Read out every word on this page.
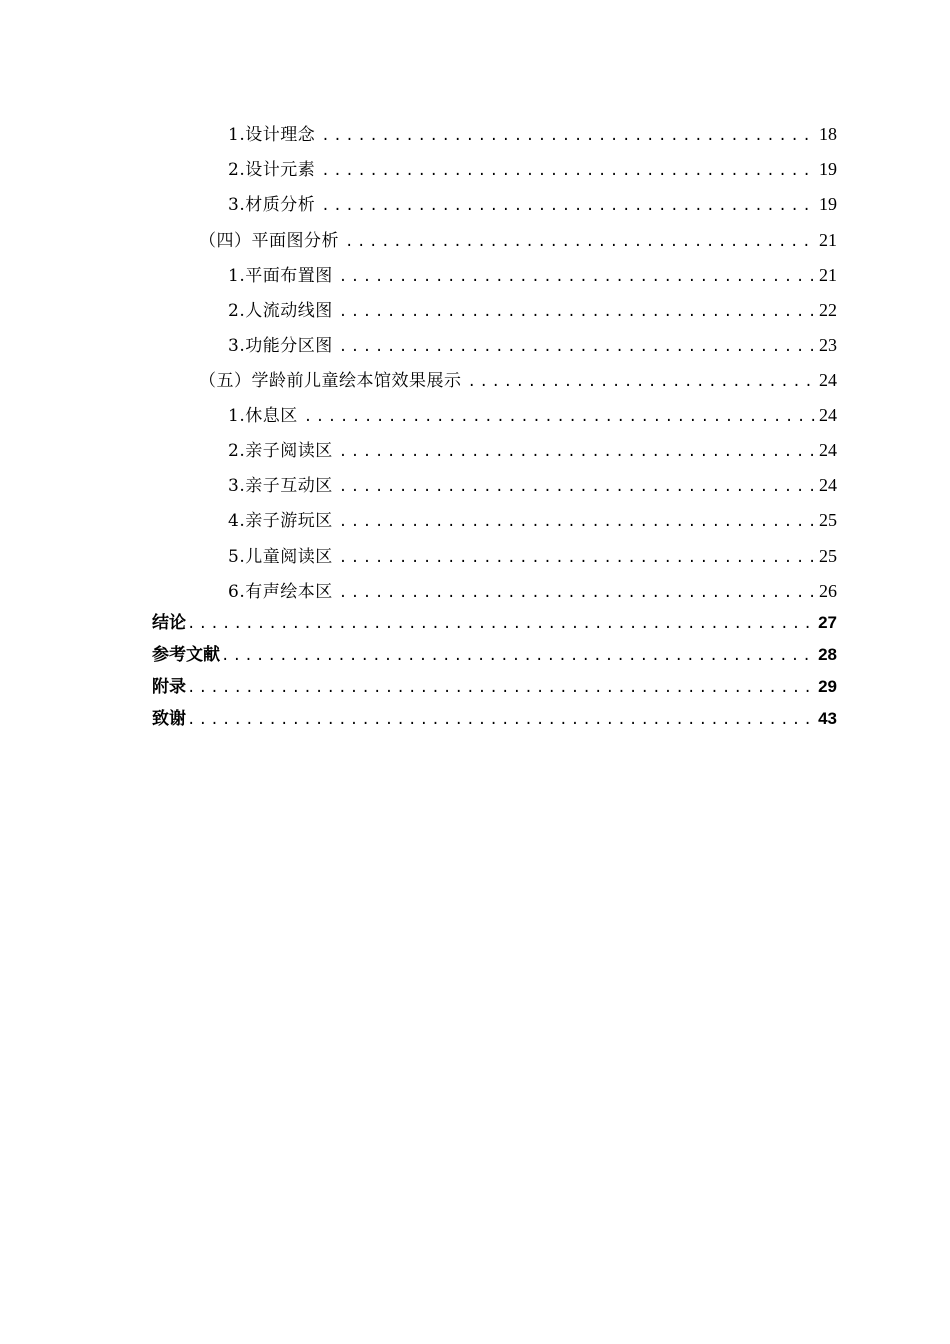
1.设计理念 .....	18
2.设计元素 .....	19
3.材质分析 .....	19
（四）平面图分析 .....	21
1.平面布置图 .....	21
2.人流动线图 .....	22
3.功能分区图 .....	23
（五）学龄前儿童绘本馆效果展示 .....	24
1.休息区 .....	24
2.亲子阅读区 .....	24
3.亲子互动区 .....	24
4.亲子游玩区 .....	25
5.儿童阅读区 .....	25
6.有声绘本区 .....	26
结论 .....	27
参考文献 .....	28
附录 .....	29
致谢 .....	43
